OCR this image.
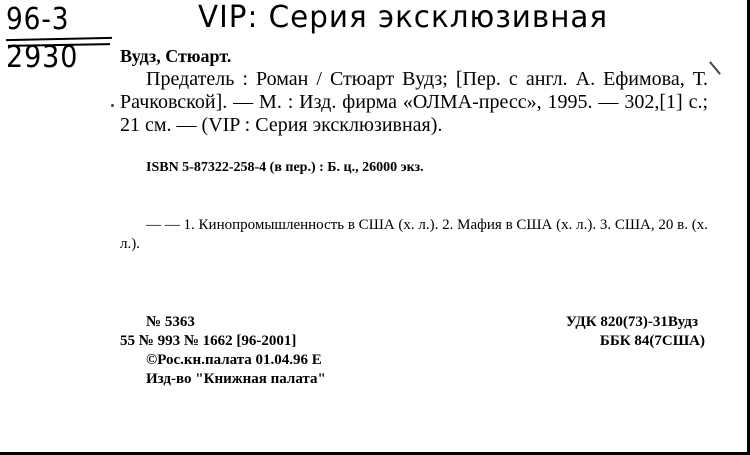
96-3
2930
VIP: Серия эксклюзивная
Вудз, Стюарт.
Предатель : Роман / Стюарт Вудз; [Пер. с англ. А. Ефимова, Т. Рачковской]. — М. : Изд. фирма «ОЛМА-пресс», 1995. — 302,[1] с.; 21 см. — (VIP : Серия эксклюзивная).
ISBN 5-87322-258-4 (в пер.) : Б. ц., 26000 экз.
— — 1. Кинопромышленность в США (х. л.). 2. Мафия в США (х. л.). 3. США, 20 в. (х. л.).
№ 5363
55 № 993 № 1662 [96-2001]
©Рос.кн.палата 01.04.96 Е
Изд-во "Книжная палата"
УДК 820(73)-31Вудз
ББК 84(7США)
